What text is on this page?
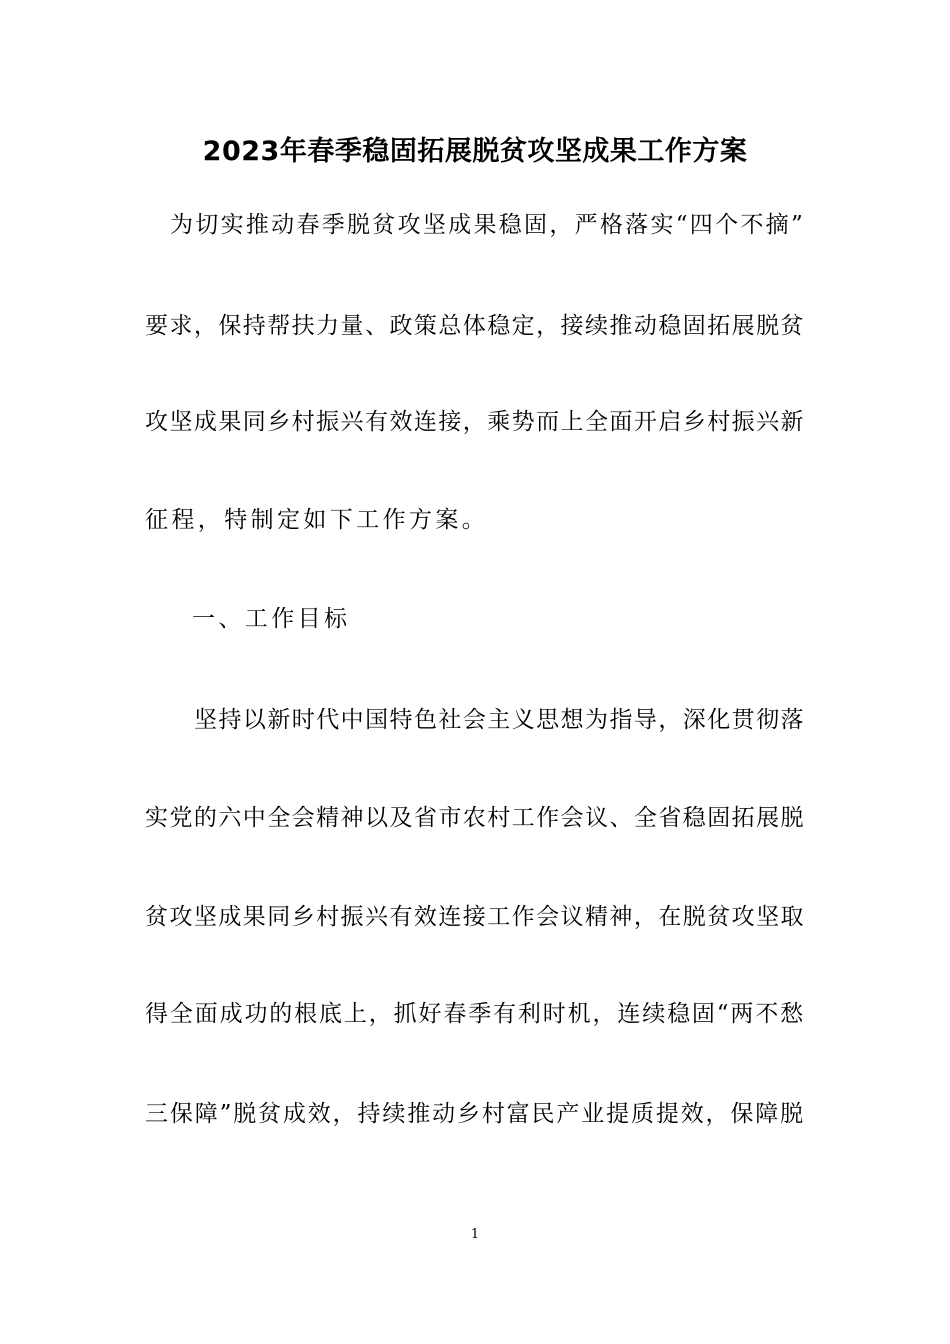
2023年春季稳固拓展脱贫攻坚成果工作方案
为切实推动春季脱贫攻坚成果稳固，严格落实“四个不摘”
要求，保持帮扶力量、政策总体稳定，接续推动稳固拓展脱贫
攻坚成果同乡村振兴有效连接，乘势而上全面开启乡村振兴新
征程，特制定如下工作方案。
一、工作目标
坚持以新时代中国特色社会主义思想为指导，深化贯彻落
实党的六中全会精神以及省市农村工作会议、全省稳固拓展脱
贫攻坚成果同乡村振兴有效连接工作会议精神，在脱贫攻坚取
得全面成功的根底上，抓好春季有利时机，连续稳固“两不愁
三保障”脱贫成效，持续推动乡村富民产业提质提效，保障脱
1
